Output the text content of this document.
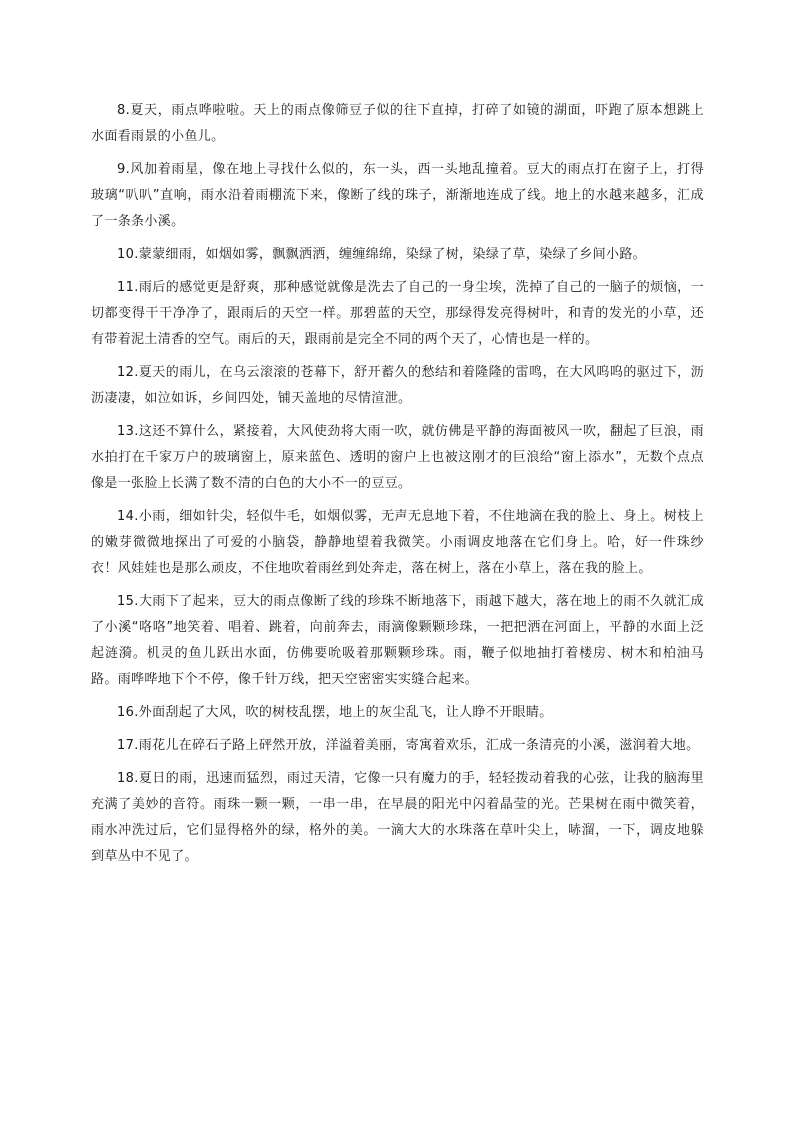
8.夏天，雨点哗啦啦。天上的雨点像筛豆子似的往下直掉，打碎了如镜的湖面，吓跑了原本想跳上水面看雨景的小鱼儿。

9.风加着雨星，像在地上寻找什么似的，东一头，西一头地乱撞着。豆大的雨点打在窗子上，打得玻璃“叭叭”直响，雨水沿着雨棚流下来，像断了线的珠子，渐渐地连成了线。地上的水越来越多，汇成了一条条小溪。

10.蒙蒙细雨，如烟如雾，飘飘洒洒，缠缠绵绵，染绿了树，染绿了草，染绿了乡间小路。

11.雨后的感觉更是舒爽，那种感觉就像是洗去了自己的一身尘埃，洗掉了自己的一脑子的烦恼，一切都变得干干净净了，跟雨后的天空一样。那碧蓝的天空，那绿得发亮得树叶，和青的发光的小草，还有带着泥土清香的空气。雨后的天，跟雨前是完全不同的两个天了，心情也是一样的。

12.夏天的雨儿，在乌云滚滚的苍幕下，舒开蓄久的愁结和着隆隆的雷鸣，在大风呜呜的驱过下，沥沥凄凄，如泣如诉，乡间四处，铺天盖地的尽情渲泄。

13.这还不算什么，紧接着，大风使劲将大雨一吹，就仿佛是平静的海面被风一吹，翻起了巨浪，雨水拍打在千家万户的玻璃窗上，原来蓝色、透明的窗户上也被这刚才的巨浪给“窗上添水”，无数个点点像是一张脸上长满了数不清的白色的大小不一的豆豆。

14.小雨，细如针尖，轻似牛毛，如烟似雾，无声无息地下着，不住地滴在我的脸上、身上。树枝上的嫩芽微微地探出了可爱的小脑袋，静静地望着我微笑。小雨调皮地落在它们身上。哈，好一件珠纱衣！风娃娃也是那么顽皮，不住地吹着雨丝到处奔走，落在树上，落在小草上，落在我的脸上。

15.大雨下了起来，豆大的雨点像断了线的珍珠不断地落下，雨越下越大，落在地上的雨不久就汇成了小溪“咯咯”地笑着、唱着、跳着，向前奔去，雨滴像颗颗珍珠，一把把洒在河面上，平静的水面上泛起涟漪。机灵的鱼儿跃出水面，仿佛要吮吸着那颗颗珍珠。雨，鞭子似地抽打着楼房、树木和柏油马路。雨哗哗地下个不停，像千针万线，把天空密密实实缝合起来。

16.外面刮起了大风，吹的树枝乱摆，地上的灰尘乱飞，让人睁不开眼睛。

17.雨花儿在碎石子路上砰然开放，洋溢着美丽，寄寓着欢乐，汇成一条清亮的小溪，滋润着大地。

18.夏日的雨，迅速而猛烈，雨过天清，它像一只有魔力的手，轻轻拨动着我的心弦，让我的脑海里充满了美妙的音符。雨珠一颗一颗，一串一串，在早晨的阳光中闪着晶莹的光。芒果树在雨中微笑着，雨水冲洗过后，它们显得格外的绿，格外的美。一滴大大的水珠落在草叶尖上，哧溜，一下，调皮地躲到草丛中不见了。
